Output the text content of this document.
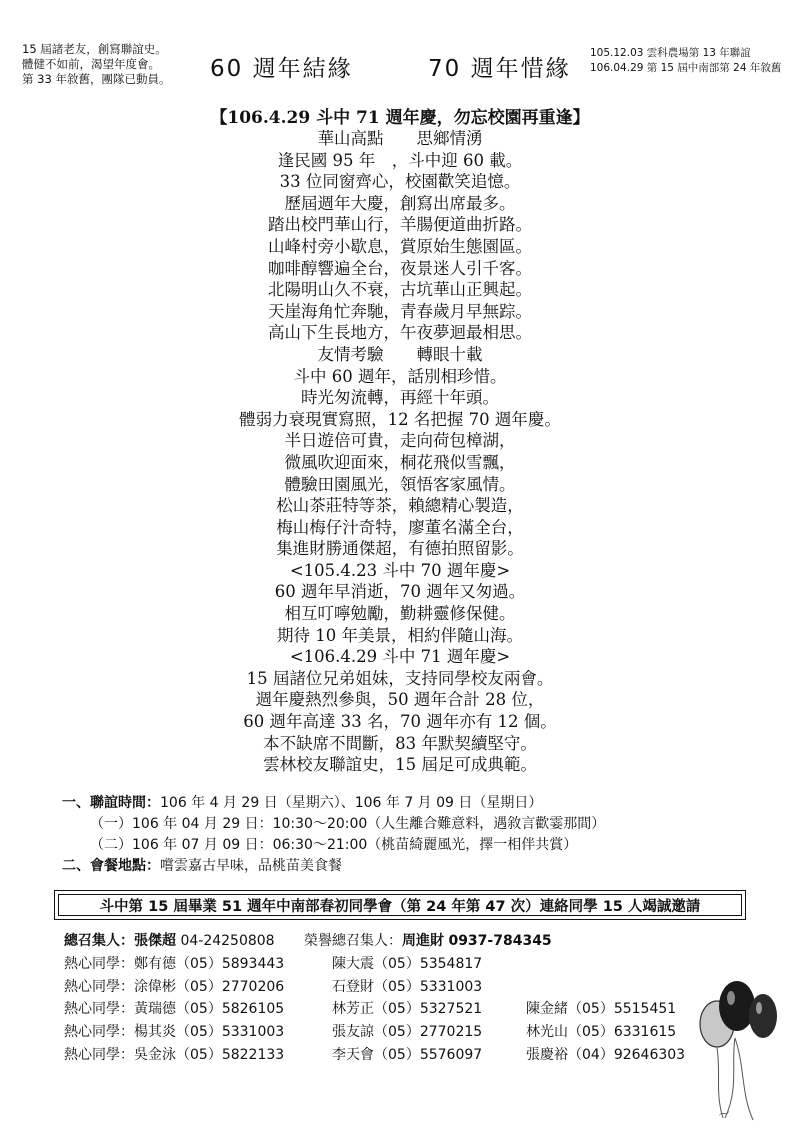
15 屆諸老友，創寫聯誼史。
體健不如前，渴望年度會。
第 33 年敘舊，團隊已動員。 60 週年結緣	70 週年惜緣
105.12.03 雲科農場第 13 年聯誼
106.04.29 第 15 屆中南部第 24 年敘舊
【106.4.29 斗中 71 週年慶，勿忘校園再重逢】
華山高點　　思鄉情湧
逢民國 95 年　，斗中迎 60 載。
33 位同窗齊心，校園歡笑追憶。
歷屆週年大慶，創寫出席最多。
踏出校門華山行，羊腸便道曲折路。
山峰村旁小歇息，賞原始生態園區。
咖啡醇響遍全台，夜景迷人引千客。
北陽明山久不衰，古坑華山正興起。
天崖海角忙奔馳，青春歲月早無踪。
高山下生長地方，午夜夢迴最相思。
友情考驗　　轉眼十載
斗中 60 週年，話別相珍惜。
時光匆流轉，再經十年頭。
體弱力衰現實寫照，12 名把握 70 週年慶。
半日遊倍可貴，走向荷包樟湖，
微風吹迎面來，桐花飛似雪飄，
體驗田園風光，領悟客家風情。
松山茶莊特等茶，賴總精心製造，
梅山梅仔汁奇特，廖董名滿全台，
集進財勝通傑超，有德拍照留影。
<105.4.23 斗中 70 週年慶>
60 週年早消逝，70 週年又匆過。
相互叮嚀勉勵，勤耕靈修保健。
期待 10 年美景，相約伴隨山海。
<106.4.29 斗中 71 週年慶>
15 屆諸位兄弟姐妹，支持同學校友兩會。
週年慶熱烈參與，50 週年合計 28 位，
60 週年高達 33 名，70 週年亦有 12 個。
本不缺席不間斷，83 年默契續堅守。
雲林校友聯誼史，15 屆足可成典範。
一、聯誼時間：106 年 4 月 29 日（星期六）、106 年 7 月 09 日（星期日）
（一）106 年 04 月 29 日：10:30～20:00（人生離合難意料，遇敘言歡霎那間）
（二）106 年 07 月 09 日：06:30～21:00（桃苗綺麗風光，擇一相伴共賞）
二、會餐地點：嚐雲嘉古早味，品桃苗美食餐
斗中第 15 屆畢業 51 週年中南部春初同學會（第 24 年第 47 次）連絡同學 15 人竭誠邀請
總召集人：張傑超 04-24250808 榮譽總召集人：周進財 0937-784345
熱心同學：鄭有德（05）5893443	陳大震（05）5354817
熱心同學：涂偉彬（05）2770206	石登財（05）5331003
熱心同學：黃瑞德（05）5826105	林芳正（05）5327521	陳金緒（05）5515451
熱心同學：楊其炎（05）5331003	張友諒（05）2770215	林光山（05）6331615
熱心同學：吳金泳（05）5822133	李天會（05）5576097	張慶裕（04）92646303
〜
